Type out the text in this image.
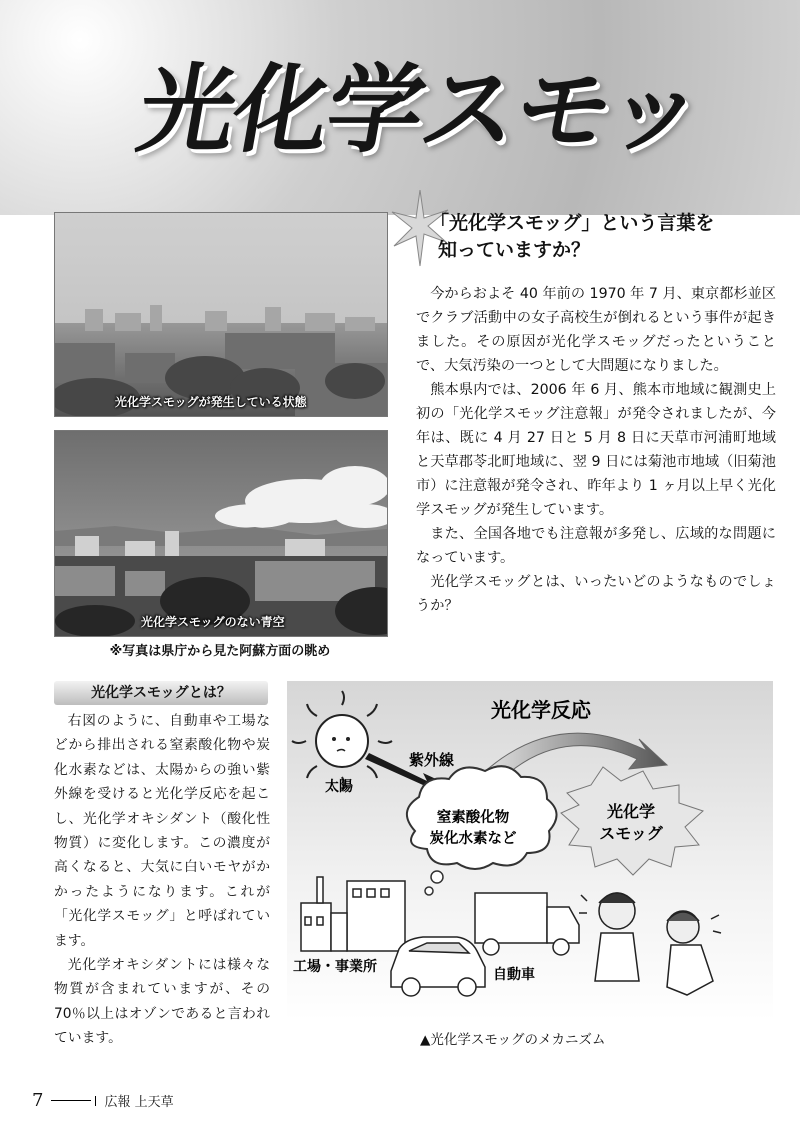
光化学スモッ
光化学スモッグが発生している状態
光化学スモッグのない青空
※写真は県庁から見た阿蘇方面の眺め
「光化学スモッグ」という言葉を
知っていますか？

今からおよそ 40 年前の 1970 年 7 月、東京都杉並区でクラブ活動中の女子高校生が倒れるという事件が起きました。その原因が光化学スモッグだったということで、大気汚染の一つとして大問題になりました。

熊本県内では、2006 年 6 月、熊本市地域に観測史上初の「光化学スモッグ注意報」が発令されましたが、今年は、既に 4 月 27 日と 5 月 8 日に天草市河浦町地域と天草郡苓北町地域に、翌 9 日には菊池市地域（旧菊池市）に注意報が発令され、昨年より 1 ヶ月以上早く光化学スモッグが発生しています。

また、全国各地でも注意報が多発し、広域的な問題になっています。

光化学スモッグとは、いったいどのようなものでしょうか？

光化学スモッグとは？

右図のように、自動車や工場などから排出される窒素酸化物や炭化水素などは、太陽からの強い紫外線を受けると光化学反応を起こし、光化学オキシダント（酸化性物質）に変化します。この濃度が高くなると、大気に白いモヤがかかったようになります。これが「光化学スモッグ」と呼ばれています。

光化学オキシダントには様々な物質が含まれていますが、その 70％以上はオゾンであると言われています。

太陽
紫外線
光化学反応
光化学
スモッグ
窒素酸化物
炭化水素など
工場・事業所	自動車
▲光化学スモッグのメカニズム
7	広報 上天草
